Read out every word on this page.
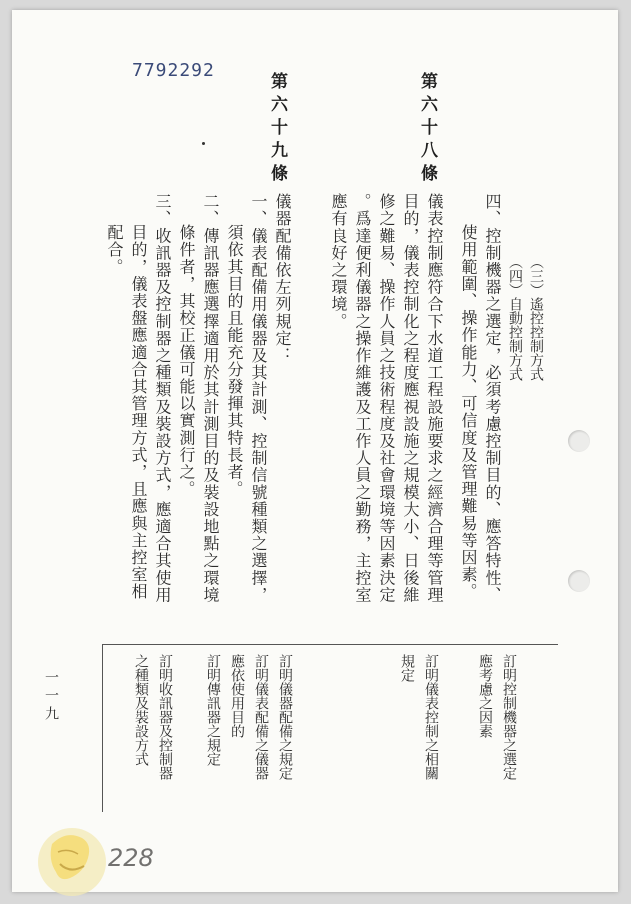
7792292
（三）遙控控制方式
（四）自動控制方式
四、控制機器之選定，必須考慮控制目的、應答特性、
使用範圍、操作能力、可信度及管理難易等因素。
第六十八條
儀表控制應符合下水道工程設施要求之經濟合理等管理
目的，儀表控制化之程度應視設施之規模大小、日後維
修之難易、操作人員之技術程度及社會環境等因素決定
。爲達便利儀器之操作維護及工作人員之勤務，主控室
應有良好之環境。
第六十九條
儀器配備依左列規定：
一、儀表配備用儀器及其計測、控制信號種類之選擇，
須依其目的且能充分發揮其特長者。
二、傳訊器應選擇適用於其計測目的及裝設地點之環境
條件者，其校正儀可能以實測行之。
三、收訊器及控制器之種類及裝設方式，應適合其使用
目的，儀表盤應適合其管理方式，且應與主控室相
配合。
訂明控制機器之選定
應考慮之因素
訂明儀表控制之相關
規定
訂明儀器配備之規定
訂明儀表配備之儀器
應依使用目的
訂明傳訊器之規定
訂明收訊器及控制器
之種類及裝設方式
一一九
228
